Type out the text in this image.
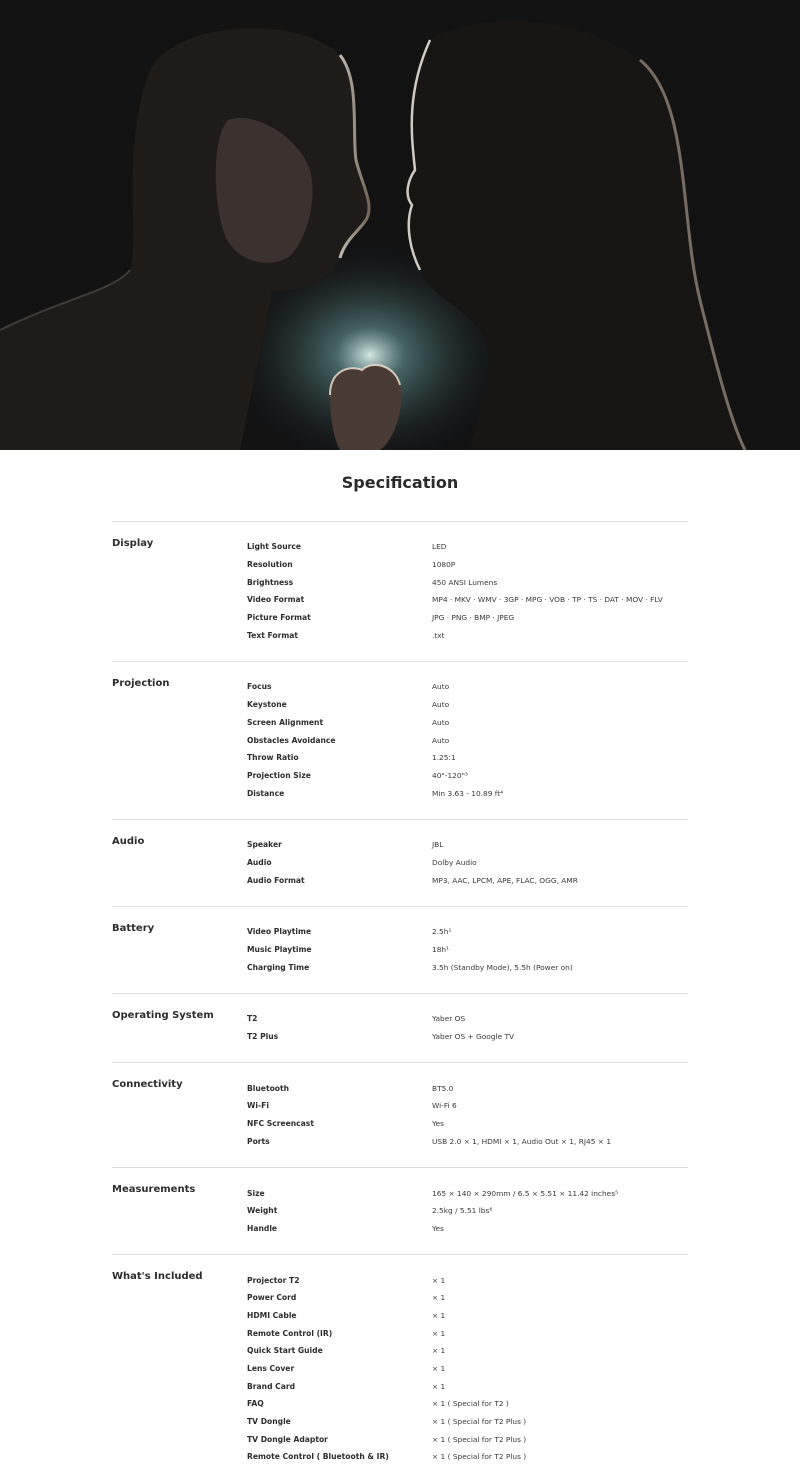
Specification
Display	Light Source	LED
Resolution	1080P
Brightness	450 ANSI Lumens
Video Format	MP4 · MKV · WMV · 3GP · MPG · VOB · TP · TS · DAT · MOV · FLV
Picture Format	JPG · PNG · BMP · JPEG
Text Format	.txt
Projection	Focus	Auto
Keystone	Auto
Screen Alignment	Auto
Obstacles Avoidance	Auto
Throw Ratio	1.25:1
Projection Size	40"-120"³
Distance	Min 3.63 - 10.89 ft⁴
Audio	Speaker	JBL
Audio	Dolby Audio
Audio Format	MP3, AAC, LPCM, APE, FLAC, OGG, AMR
Battery	Video Playtime	2.5h¹
Music Playtime	18h¹
Charging Time	3.5h (Standby Mode), 5.5h (Power on)
Operating System	T2	Yaber OS
T2 Plus	Yaber OS + Google TV
Connectivity	Bluetooth	BT5.0
Wi-Fi	Wi-Fi 6
NFC Screencast	Yes
Ports	USB 2.0 × 1, HDMI × 1, Audio Out × 1, RJ45 × 1
Measurements	Size	165 × 140 × 290mm / 6.5 × 5.51 × 11.42 inches⁵
Weight	2.5kg / 5.51 lbs⁶
Handle	Yes
What's Included	Projector T2	× 1
Power Cord	× 1
HDMI Cable	× 1
Remote Control (IR)	× 1
Quick Start Guide	× 1
Lens Cover	× 1
Brand Card	× 1
FAQ	× 1 ( Special for T2 )
TV Dongle	× 1 ( Special for T2 Plus )
TV Dongle Adaptor	× 1 ( Special for T2 Plus )
Remote Control ( Bluetooth & IR)	× 1 ( Special for T2 Plus )
